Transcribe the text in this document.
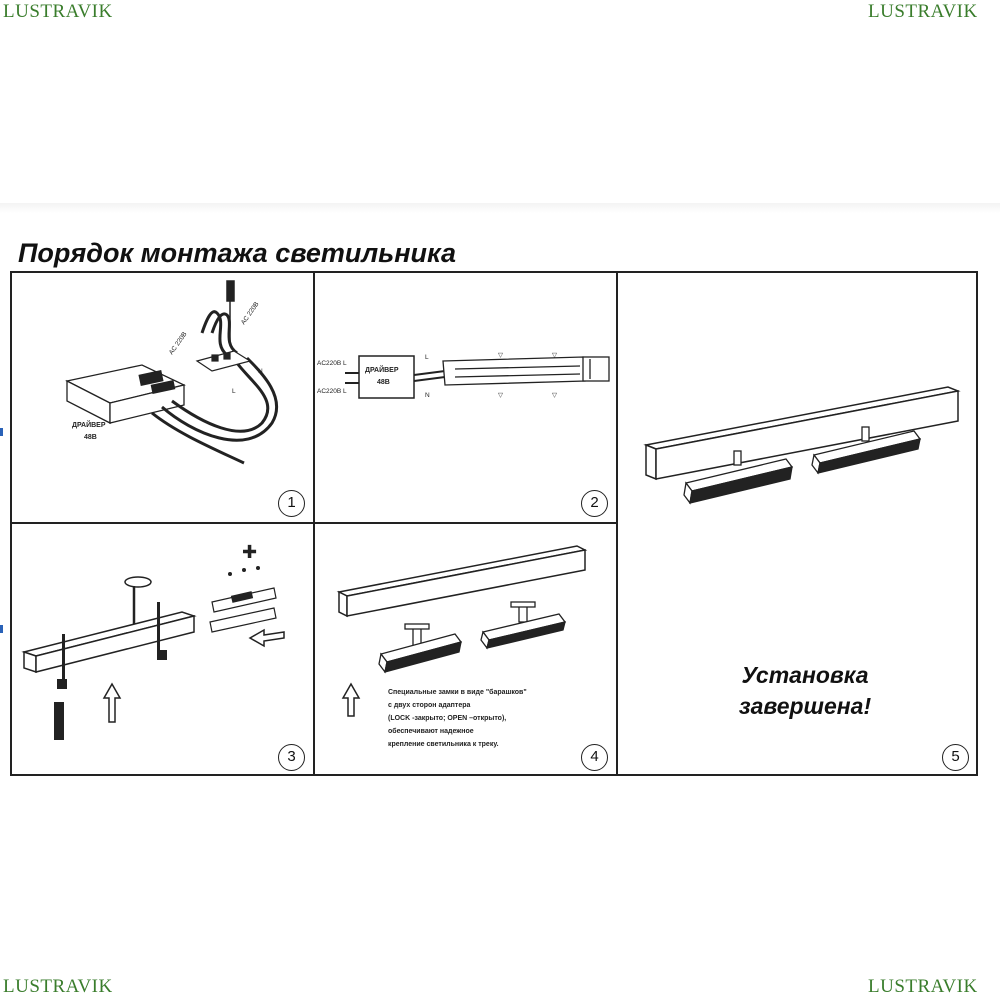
LUSTRAVIK	LUSTRAVIK
LUSTRAVIK	LUSTRAVIK
Порядок монтажа светильника
ДРАЙВЕР
48В
AC 220В
AC 220В
N
L
1
AC220В L
AC220В L
ДРАЙВЕР
48В
L
N
▽
▽
▽
▽
2
✚
3
Специальные замки в виде "барашков"
с двух сторон адаптера
(LOCK -закрыто; OPEN –открыто),
обеспечивают надежное
крепление светильника к треку.
4
Установка
завершена!
5
